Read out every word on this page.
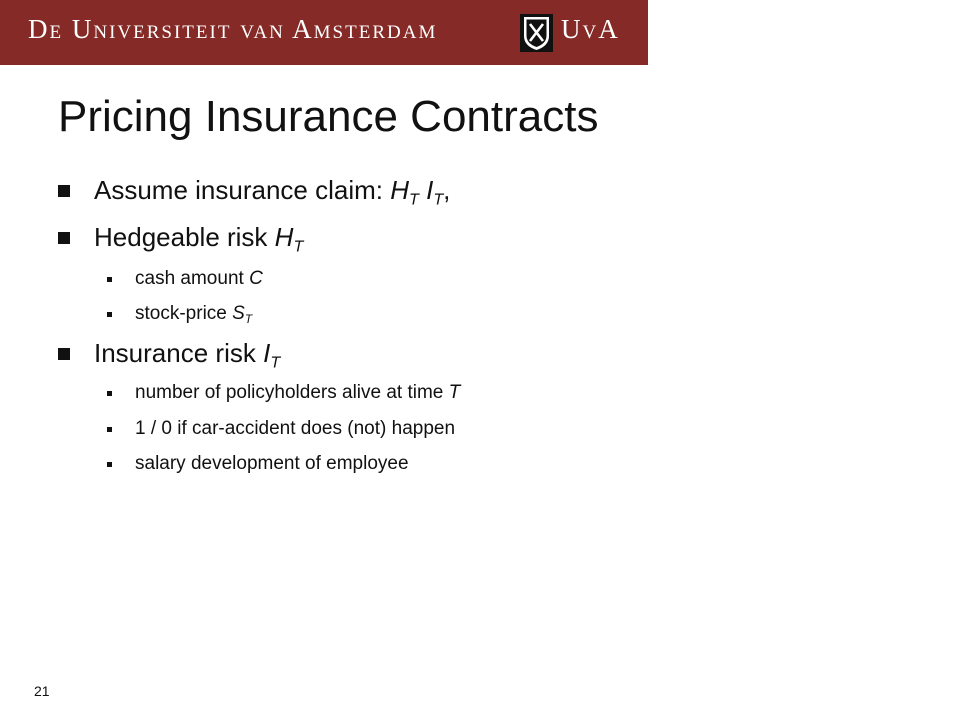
De Universiteit van Amsterdam	UvA
Pricing Insurance Contracts
Assume insurance claim: $H_T$ $I_T$,
Hedgeable risk $H_T$
cash amount C
stock-price $S_T$
Insurance risk $I_T$
number of policyholders alive at time T
1 / 0 if car-accident does (not) happen
salary development of employee
21
